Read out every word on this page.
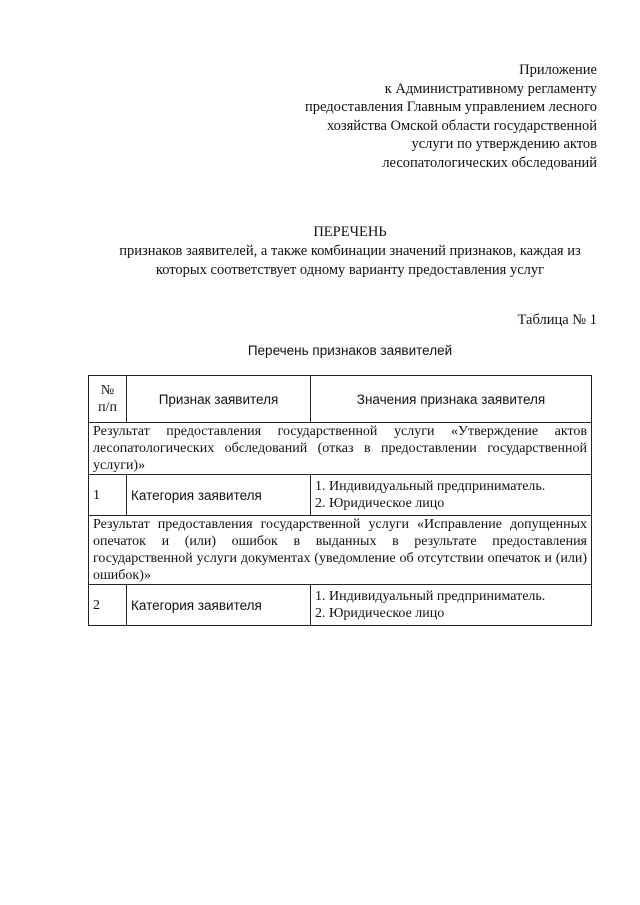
Приложение
к Административному регламенту
предоставления Главным управлением лесного
хозяйства Омской области государственной
услуги по утверждению актов
лесопатологических обследований
ПЕРЕЧЕНЬ
признаков заявителей, а также комбинации значений признаков, каждая из
которых соответствует одному варианту предоставления услуг
Таблица № 1
Перечень признаков заявителей
№
п/п	Признак заявителя	Значения признака заявителя
Результат предоставления государственной услуги «Утверждение актов лесопатологических обследований (отказ в предоставлении государственной услуги)»		
1	Категория заявителя	1. Индивидуальный предприниматель.
2. Юридическое лицо

Результат предоставления государственной услуги «Исправление допущенных опечаток и (или) ошибок в выданных в результате предоставления государственной услуги документах (уведомление об отсутствии опечаток и (или) ошибок)»		
2	Категория заявителя	1. Индивидуальный предприниматель.
2. Юридическое лицо
